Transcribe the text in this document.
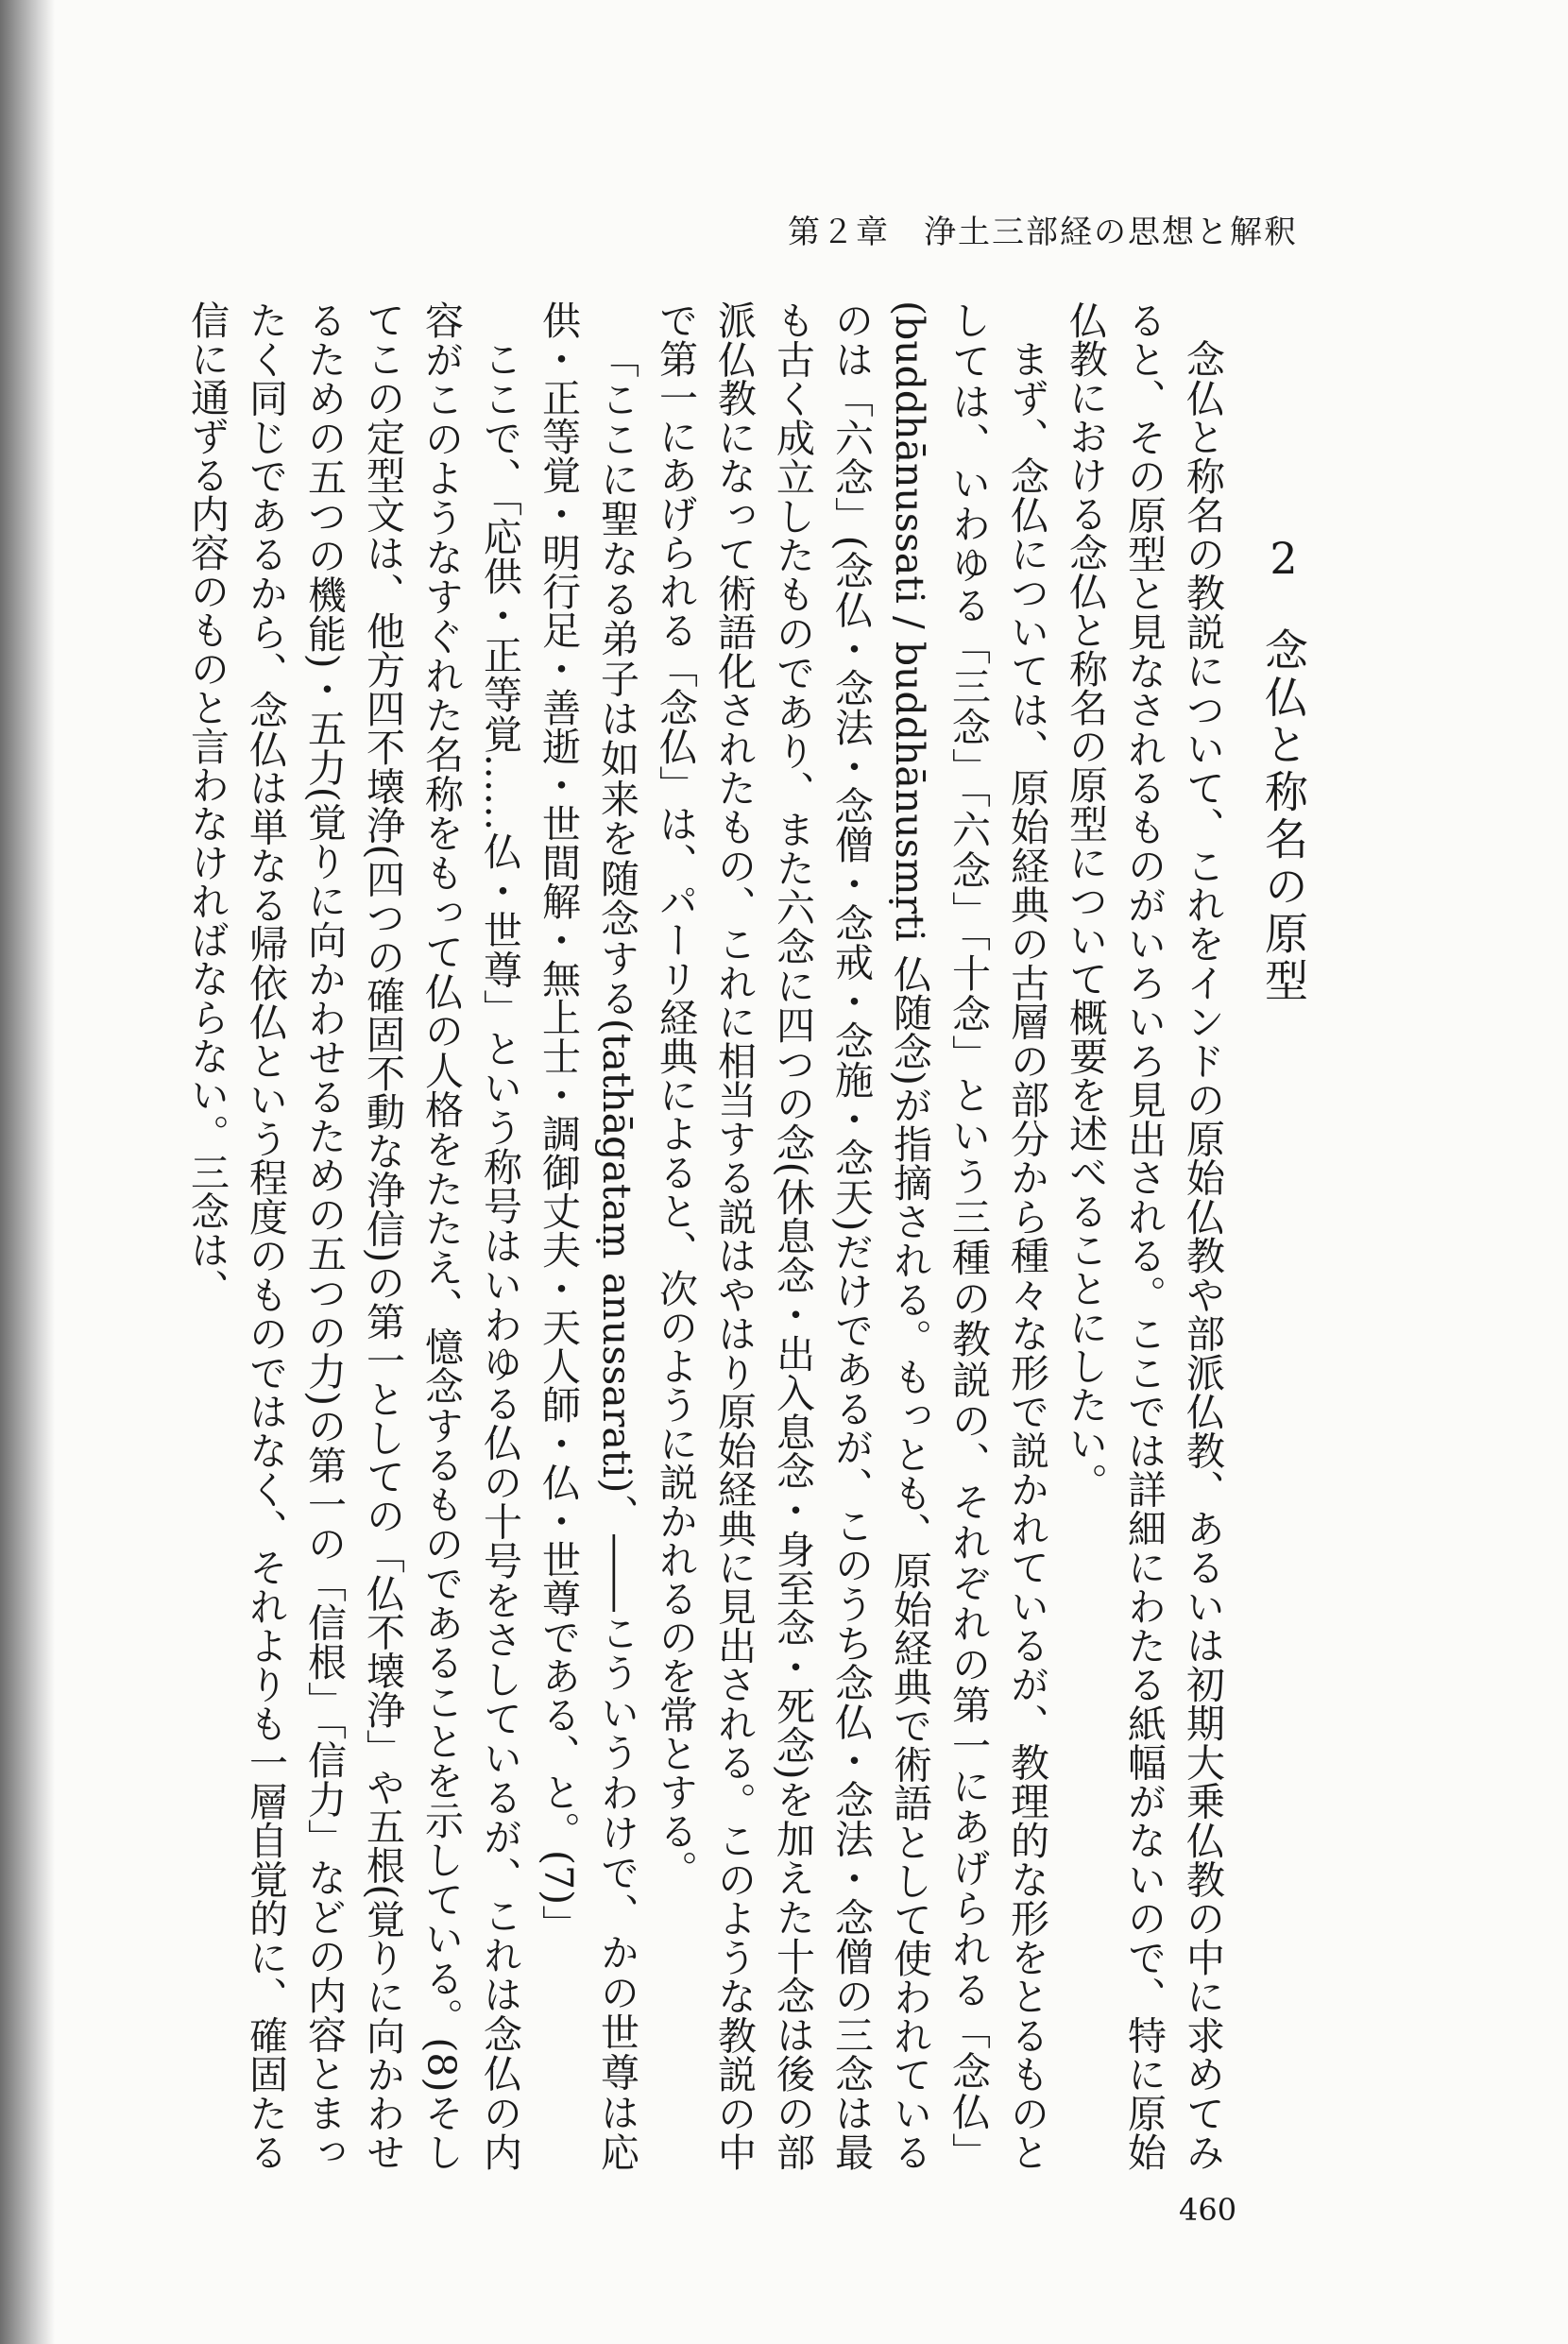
第２章　浄土三部経の思想と解釈
2　念仏と称名の原型

念仏と称名の教説について、これをインドの原始仏教や部派仏教、あるいは初期大乗仏教の中に求めてみると、その原型と見なされるものがいろいろ見出される。ここでは詳細にわたる紙幅がないので、特に原始仏教における念仏と称名の原型について概要を述べることにしたい。

まず、念仏については、原始経典の古層の部分から種々な形で説かれているが、教理的な形をとるものとしては、いわゆる「三念」「六念」「十念」という三種の教説の、それぞれの第一にあげられる「念仏」(buddhānussati / buddhānusmṛti 仏随念)が指摘される。もっとも、原始経典で術語として使われているのは「六念」(念仏・念法・念僧・念戒・念施・念天)だけであるが、このうち念仏・念法・念僧の三念は最も古く成立したものであり、また六念に四つの念(休息念・出入息念・身至念・死念)を加えた十念は後の部派仏教になって術語化されたもの、これに相当する説はやはり原始経典に見出される。このような教説の中で第一にあげられる「念仏」は、パーリ経典によると、次のように説かれるのを常とする。

「ここに聖なる弟子は如来を随念する(tathāgataṃ anussarati)、――こういうわけで、かの世尊は応供・正等覚・明行足・善逝・世間解・無上士・調御丈夫・天人師・仏・世尊である、と。(7)」

ここで、「応供・正等覚……仏・世尊」という称号はいわゆる仏の十号をさしているが、これは念仏の内容がこのようなすぐれた名称をもって仏の人格をたたえ、憶念するものであることを示している。(8)そしてこの定型文は、他方四不壊浄(四つの確固不動な浄信)の第一としての「仏不壊浄」や五根(覚りに向かわせるための五つの機能)・五力(覚りに向かわせるための五つの力)の第一の「信根」「信力」などの内容とまったく同じであるから、念仏は単なる帰依仏という程度のものではなく、それよりも一層自覚的に、確固たる信に通ずる内容のものと言わなければならない。三念は、

460
